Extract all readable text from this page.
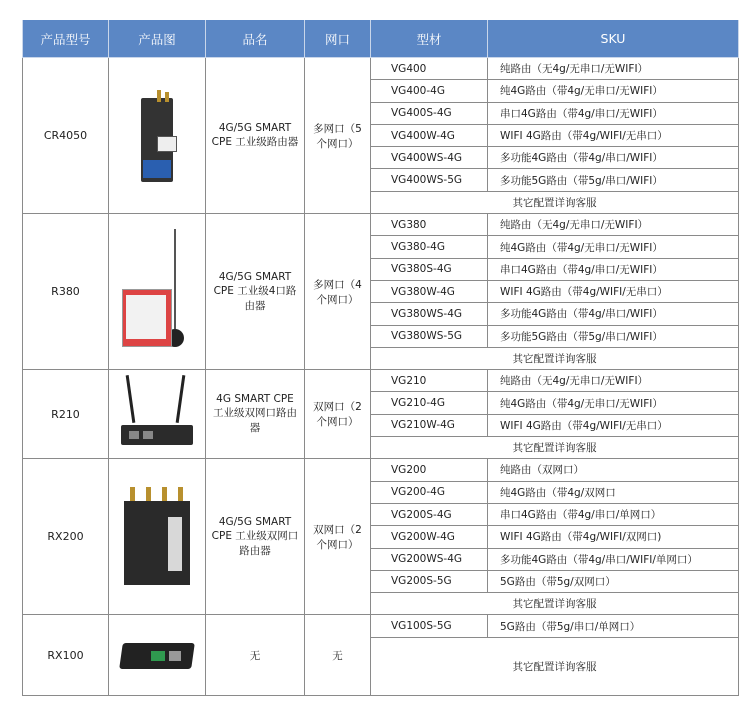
产品型号	产品图	品名	网口	型材	SKU
CR4050		4G/5G SMART CPE 工业级路由器	多网口（5个网口）	VG400	纯路由（无4g/无串口/无WIFI）
				VG400-4G	纯4G路由（带4g/无串口/无WIFI）
				VG400S-4G	串口4G路由（带4g/串口/无WIFI）
				VG400W-4G	WIFI 4G路由（带4g/WIFI/无串口）
				VG400WS-4G	多功能4G路由（带4g/串口/WIFI）
				VG400WS-5G	多功能5G路由（带5g/串口/WIFI）
				其它配置详询客服	
R380		4G/5G SMART CPE 工业级4口路由器	多网口（4个网口）	VG380	纯路由（无4g/无串口/无WIFI）
				VG380-4G	纯4G路由（带4g/无串口/无WIFI）
				VG380S-4G	串口4G路由（带4g/串口/无WIFI）
				VG380W-4G	WIFI 4G路由（带4g/WIFI/无串口）
				VG380WS-4G	多功能4G路由（带4g/串口/WIFI）
				VG380WS-5G	多功能5G路由（带5g/串口/WIFI）
				其它配置详询客服	
R210		4G SMART CPE 工业级双网口路由器	双网口（2个网口）	VG210	纯路由（无4g/无串口/无WIFI）
				VG210-4G	纯4G路由（带4g/无串口/无WIFI）
				VG210W-4G	WIFI 4G路由（带4g/WIFI/无串口）
				其它配置详询客服	
RX200		4G/5G SMART CPE 工业级双网口路由器	双网口（2个网口）	VG200	纯路由（双网口）
				VG200-4G	纯4G路由（带4g/双网口
				VG200S-4G	串口4G路由（带4g/串口/单网口）
				VG200W-4G	WIFI 4G路由（带4g/WIFI/双网口)
				VG200WS-4G	多功能4G路由（带4g/串口/WIFI/单网口）
				VG200S-5G	5G路由（带5g/双网口）
				其它配置详询客服	
RX100		无	无	VG100S-5G	5G路由（带5g/串口/单网口）
				其它配置详询客服	
